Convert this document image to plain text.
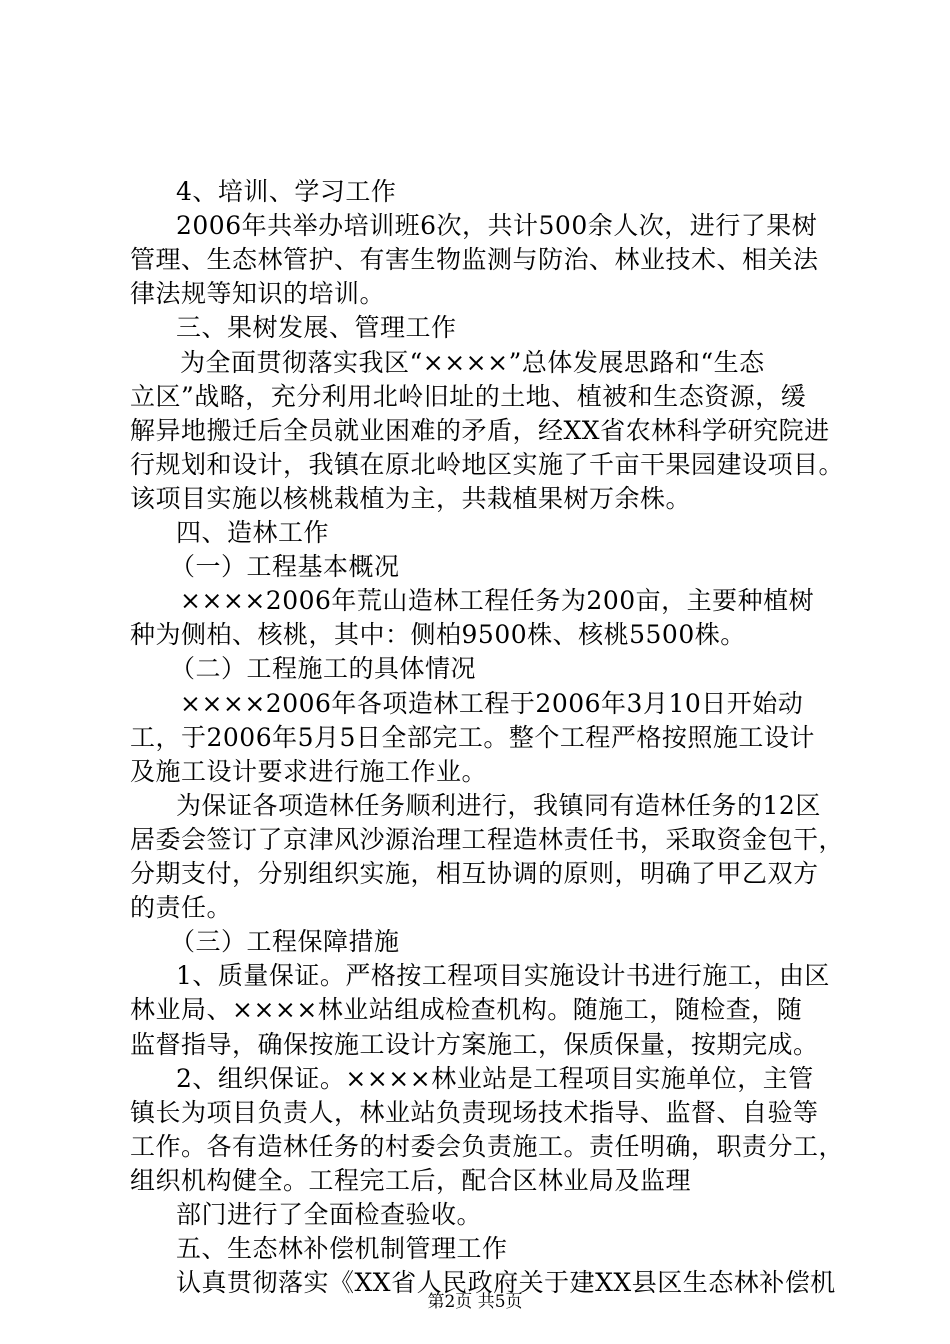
4、培训、学习工作
2006年共举办培训班6次，共计500余人次，进行了果树
管理、生态林管护、有害生物监测与防治、林业技术、相关法
律法规等知识的培训。
三、果树发展、管理工作
为全面贯彻落实我区“××××”总体发展思路和“生态
立区”战略，充分利用北岭旧址的土地、植被和生态资源，缓
解异地搬迁后全员就业困难的矛盾，经XX省农林科学研究院进
行规划和设计，我镇在原北岭地区实施了千亩干果园建设项目。
该项目实施以核桃栽植为主，共栽植果树万余株。
四、造林工作
（一）工程基本概况
××××2006年荒山造林工程任务为200亩，主要种植树
种为侧柏、核桃，其中：侧柏9500株、核桃5500株。
（二）工程施工的具体情况
××××2006年各项造林工程于2006年3月10日开始动
工，于2006年5月5日全部完工。整个工程严格按照施工设计
及施工设计要求进行施工作业。
为保证各项造林任务顺利进行，我镇同有造林任务的12区
居委会签订了京津风沙源治理工程造林责任书，采取资金包干，
分期支付，分别组织实施，相互协调的原则，明确了甲乙双方
的责任。
（三）工程保障措施
1、质量保证。严格按工程项目实施设计书进行施工，由区
林业局、××××林业站组成检查机构。随施工，随检查，随
监督指导，确保按施工设计方案施工，保质保量，按期完成。
2、组织保证。××××林业站是工程项目实施单位，主管
镇长为项目负责人，林业站负责现场技术指导、监督、自验等
工作。各有造林任务的村委会负责施工。责任明确，职责分工，
组织机构健全。工程完工后，配合区林业局及监理
部门进行了全面检查验收。
五、生态林补偿机制管理工作
认真贯彻落实《XX省人民政府关于建XX县区生态林补偿机
第2页 共5页
